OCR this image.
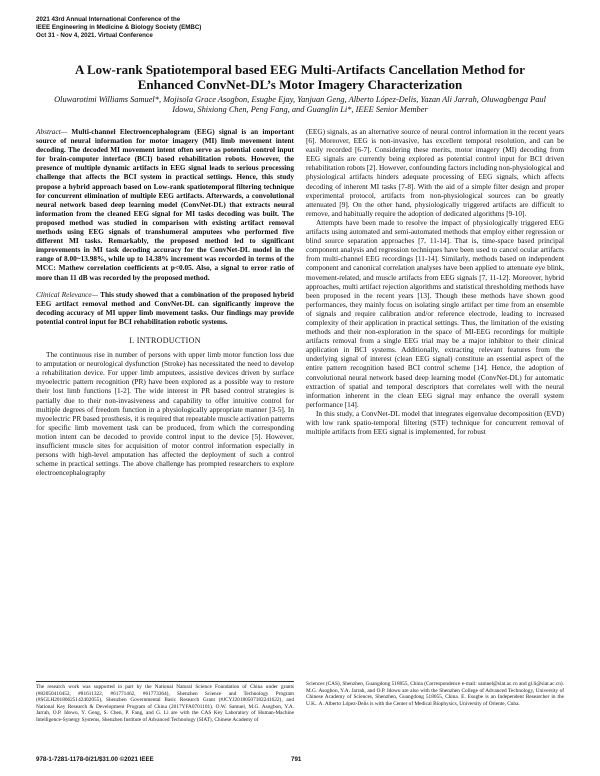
2021 43rd Annual International Conference of the
IEEE Engineering in Medicine & Biology Society (EMBC)
Oct 31 - Nov 4, 2021. Virtual Conference
A Low-rank Spatiotemporal based EEG Multi-Artifacts Cancellation Method for
Enhanced ConvNet-DL’s Motor Imagery Characterization
Oluwarotimi Williams Samuel*, Mojisola Grace Asogbon, Esugbe Ejay, Yanjuan Geng, Alberto López-Delis, Yazan Ali Jarrah, Oluwagbenga Paul Idowu, Shixiong Chen, Peng Fang, and Guanglin Li*, IEEE Senior Member

Abstract— Multi-channel Electroencephalogram (EEG) signal is an important source of neural information for motor imagery (MI) limb movement intent decoding. The decoded MI movement intent often serve as potential control input for brain-computer interface (BCI) based rehabilitation robots. However, the presence of multiple dynamic artifacts in EEG signal leads to serious processing challenge that affects the BCI system in practical settings. Hence, this study propose a hybrid approach based on Low-rank spatiotemporal filtering technique for concurrent elimination of multiple EEG artifacts. Afterwards, a convolutional neural network based deep learning model (ConvNet-DL) that extracts neural information from the cleaned EEG signal for MI tasks decoding was built. The proposed method was studied in comparison with existing artifact removal methods using EEG signals of transhumeral amputees who performed five different MI tasks. Remarkably, the proposed method led to significant improvements in MI task decoding accuracy for the ConvNet-DL model in the range of 8.00~13.98%, while up to 14.38% increment was recorded in terms of the MCC: Mathew correlation coefficients at p<0.05. Also, a signal to error ratio of more than 11 dB was recorded by the proposed method.

Clinical Relevance— This study showed that a combination of the proposed hybrid EEG artifact removal method and ConvNet-DL can significantly improve the decoding accuracy of MI upper limb movement tasks. Our findings may provide potential control input for BCI rehabilitation robotic systems.

I. INTRODUCTION

The continuous rise in number of persons with upper limb motor function loss due to amputation or neurological dysfunction (Stroke) has necessitated the need to develop a rehabilitation device. For upper limb amputees, assistive devices driven by surface myoelectric pattern recognition (PR) have been explored as a possible way to restore their lost limb functions [1-2]. The wide interest in PR based control strategies is partially due to their non-invasiveness and capability to offer intuitive control for multiple degrees of freedom function in a physiologically appropriate manner [3-5]. In myoelectric PR based prosthesis, it is required that repeatable muscle activation patterns for specific limb movement task can be produced, from which the corresponding motion intent can be decoded to provide control input to the device [5]. However, insufficient muscle sites for acquisition of motor control information especially in persons with high-level amputation has affected the deployment of such a control scheme in practical settings. The above challenge has prompted researchers to explore electroencephalography

(EEG) signals, as an alternative source of neural control information in the recent years [6]. Moreover, EEG is non-invasive, has excellent temporal resolution, and can be easily recorded [6-7]. Considering these merits, motor imagery (MI) decoding from EEG signals are currently being explored as potential control input for BCI driven rehabilitation robots [2]. However, confounding factors including non-physiological and physiological artifacts hinders adequate processing of EEG signals, which affects decoding of inherent MI tasks [7-8]. With the aid of a simple filter design and proper experimental protocol, artifacts from non-physiological sources can be greatly attenuated [9]. On the other hand, physiologically triggered artifacts are difficult to remove, and habitually require the adoption of dedicated algorithms [9-10].

Attempts have been made to resolve the impact of physiologically triggered EEG artifacts using automated and semi-automated methods that employ either regression or blind source separation approaches [7, 11-14]. That is, time-space based principal component analysis and regression techniques have been used to cancel ocular artifacts from multi-channel EEG recordings [11-14]. Similarly, methods based on independent component and canonical correlation analyses have been applied to attenuate eye blink, movement-related, and muscle artifacts from EEG signals [7, 11-12]. Moreover, hybrid approaches, multi artifact rejection algorithms and statistical thresholding methods have been proposed in the recent years [13]. Though these methods have shown good performances, they mainly focus on isolating single artifact per time from an ensemble of signals and require calibration and/or reference electrode, leading to increased complexity of their application in practical settings. Thus, the limitation of the existing methods and their non-exploration in the space of MI-EEG recordings for multiple artifacts removal from a single EEG trial may be a major inhibitor to their clinical application in BCI systems. Additionally, extracting relevant features from the underlying signal of interest (clean EEG signal) constitute an essential aspect of the entire pattern recognition based BCI control scheme [14]. Hence, the adoption of convolutional neural network based deep learning model (ConvNet-DL) for automatic extraction of spatial and temporal descriptors that correlates well with the neural information inherent in the clean EEG signal may enhance the overall system performance [14].

In this study, a ConvNet-DL model that integrates eigenvalue decomposition (EVD) with low rank spatio-temporal filtering (STF) technique for concurrent removal of multiple artifacts from EEG signal is implemented, for robust

The research work was supported in part by the National Natural Science Foundation of China under grants (#82050410452, #81611322, #61771462, #61773364), Shenzhen Science and Technology Program (#SGLH20180625142402055), Shenzhen Governmental Basic Research Grant (#JCYJ20180507182241622), and National Key Research & Development Program of China (2017YFA0701101). O.W. Samuel, M.G. Asogbon, Y.A. Jarrah, O.P. Idowu, Y. Geng, S. Chen, P. Fang, and G. Li are with the CAS Key Laboratory of Human-Machine Intelligence-Synergy Systems, Shenzhen Institute of Advanced Technology (SIAT), Chinese Academy of

Sciences (CAS), Shenzhen, Guangdong 518055, China (Correspondence e-mail: samuel@siat.ac.cn and gl.li@siat.ac.cn). M.G. Asogbon, Y.A. Jarrah, and O.P. Idowu are also with the Shenzhen College of Advanced Technology, University of Chinese Academy of Sciences, Shenzhen, Guangdong 518055, China. E. Esugbe is an Independent Researcher in the U.K.. A. Alberto López-Delis is with the Center of Medical Biophysics, University of Oriente, Cuba.

978-1-7281-1178-0/21/$31.00 ©2021 IEEE	791
